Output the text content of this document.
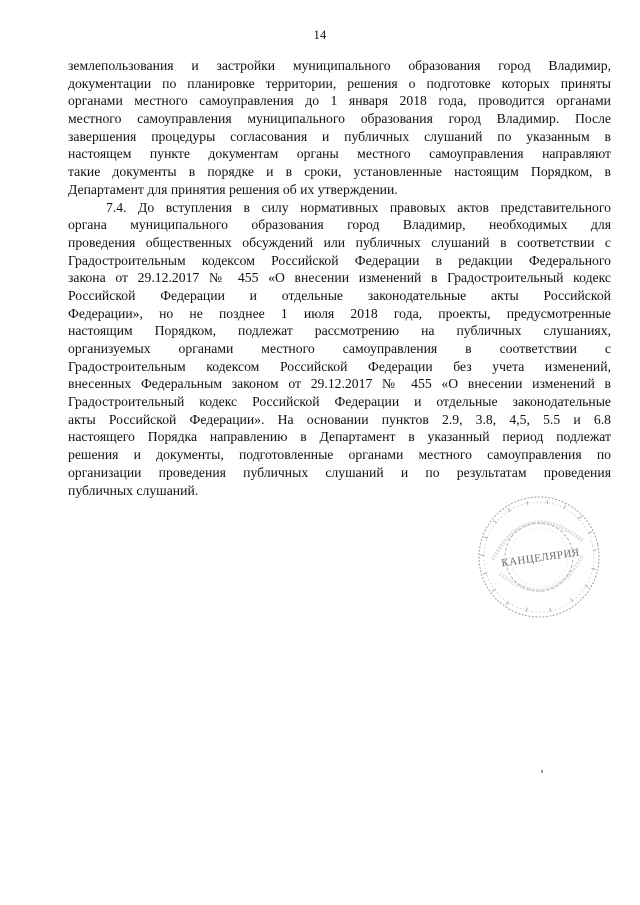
14
землепользования и застройки муниципального образования город Владимир,
документации по планировке территории, решения о подготовке которых приняты
органами местного самоуправления до 1 января 2018 года, проводится органами
местного самоуправления муниципального образования город Владимир. После
завершения процедуры согласования и публичных слушаний по указанным в
настоящем пункте документам органы местного самоуправления направляют
такие документы в порядке и в сроки, установленные настоящим Порядком, в
Департамент для принятия решения об их утверждении.
7.4. До вступления в силу нормативных правовых актов представительного
органа муниципального образования город Владимир, необходимых для
проведения общественных обсуждений или публичных слушаний в соответствии с
Градостроительным кодексом Российской Федерации в редакции Федерального
закона от 29.12.2017 № 455 «О внесении изменений в Градостроительный кодекс
Российской Федерации и отдельные законодательные акты Российской
Федерации», но не позднее 1 июля 2018 года, проекты, предусмотренные
настоящим Порядком, подлежат рассмотрению на публичных слушаниях,
организуемых органами местного самоуправления в соответствии с
Градостроительным кодексом Российской Федерации без учета изменений,
внесенных Федеральным законом от 29.12.2017 № 455 «О внесении изменений в
Градостроительный кодекс Российской Федерации и отдельные законодательные
акты Российской Федерации». На основании пунктов 2.9, 3.8, 4,5, 5.5 и 6.8
настоящего Порядка направлению в Департамент в указанный период подлежат
решения и документы, подготовленные органами местного самоуправления по
организации проведения публичных слушаний и по результатам проведения
публичных слушаний.
КАНЦЕЛЯРИЯ
